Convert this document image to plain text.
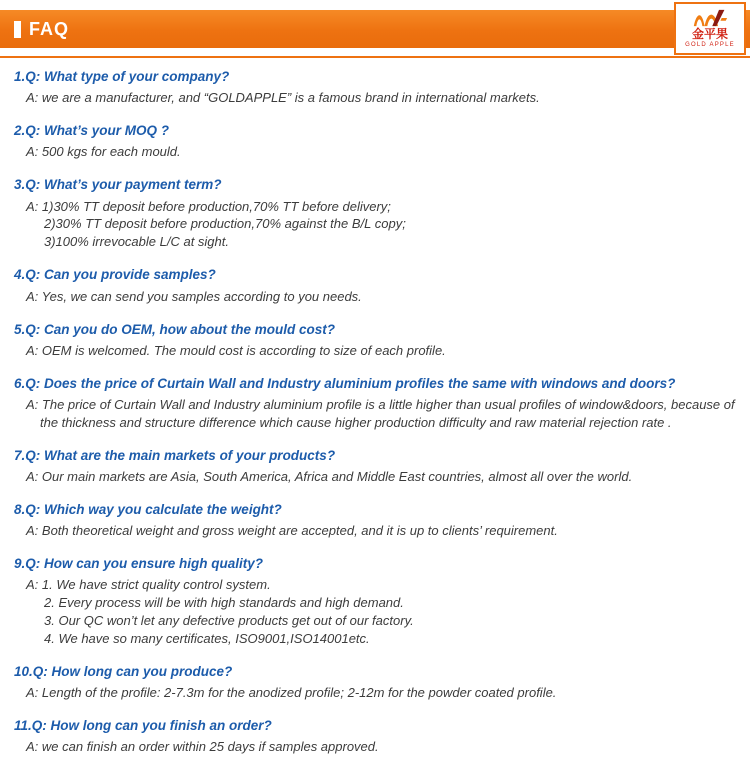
FAQ	金平果
GOLD APPLE
1.Q: What type of your company?
A: we are a manufacturer, and “GOLDAPPLE” is a famous brand in international markets.
2.Q: What’s your MOQ ?
A: 500 kgs for each mould.
3.Q: What’s your payment term?
A: 1)30% TT deposit before production,70% TT before delivery;
2)30% TT deposit before production,70% against the B/L copy;
3)100% irrevocable L/C at sight.
4.Q: Can you provide samples?
A: Yes, we can send you samples according to you needs.
5.Q: Can you do OEM, how about the mould cost?
A: OEM is welcomed. The mould cost is according to size of each profile.
6.Q: Does the price of Curtain Wall and Industry aluminium profiles the same with windows and doors?
A: The price of Curtain Wall and Industry aluminium profile is a little higher than usual profiles of window&doors, because of the thickness and structure difference which cause higher production difficulty and raw material rejection rate .
7.Q: What are the main markets of your products?
A: Our main markets are Asia, South America, Africa and Middle East countries, almost all over the world.
8.Q: Which way you calculate the weight?
A: Both theoretical weight and gross weight are accepted, and it is up to clients’ requirement.
9.Q: How can you ensure high quality?
A: 1. We have strict quality control system.
2. Every process will be with high standards and high demand.
3. Our QC won’t let any defective products get out of our factory.
4. We have so many certificates, ISO9001,ISO14001etc.
10.Q: How long can you produce?
A: Length of the profile: 2-7.3m for the anodized profile; 2-12m for the powder coated profile.
11.Q: How long can you finish an order?
A: we can finish an order within 25 days if samples approved.
